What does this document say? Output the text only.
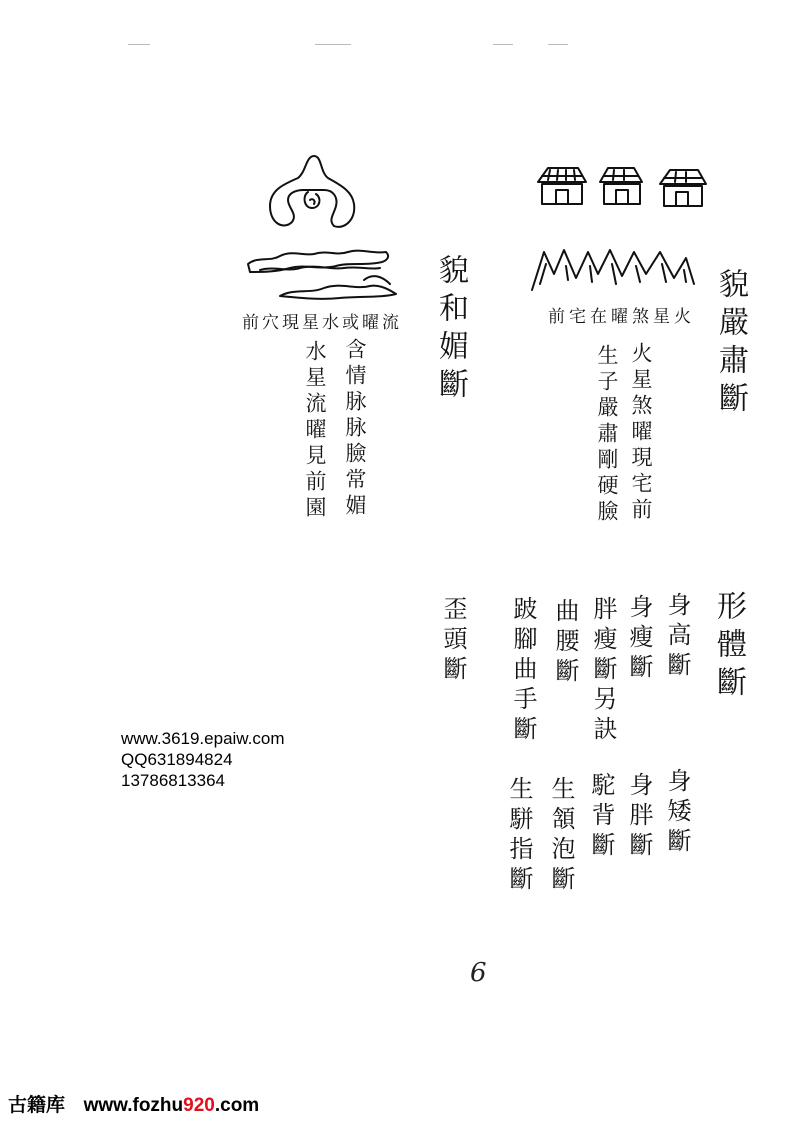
貌嚴肅斷
前宅在曜煞星火
火星煞曜現宅前
生子嚴肅剛硬臉
前穴現星水或曜流 貌和媚斷
含情脉脉臉常媚
水星流曜見前園
形體斷
身高斷
身瘦斷
胖瘦斷另訣
曲腰斷
跛腳曲手斷
歪頭斷
身矮斷
身胖斷
駝背斷
生頷泡斷
生駢指斷
www.3619.epaiw.com
QQ631894824
13786813364
6
古籍库 www.fozhu920.com
